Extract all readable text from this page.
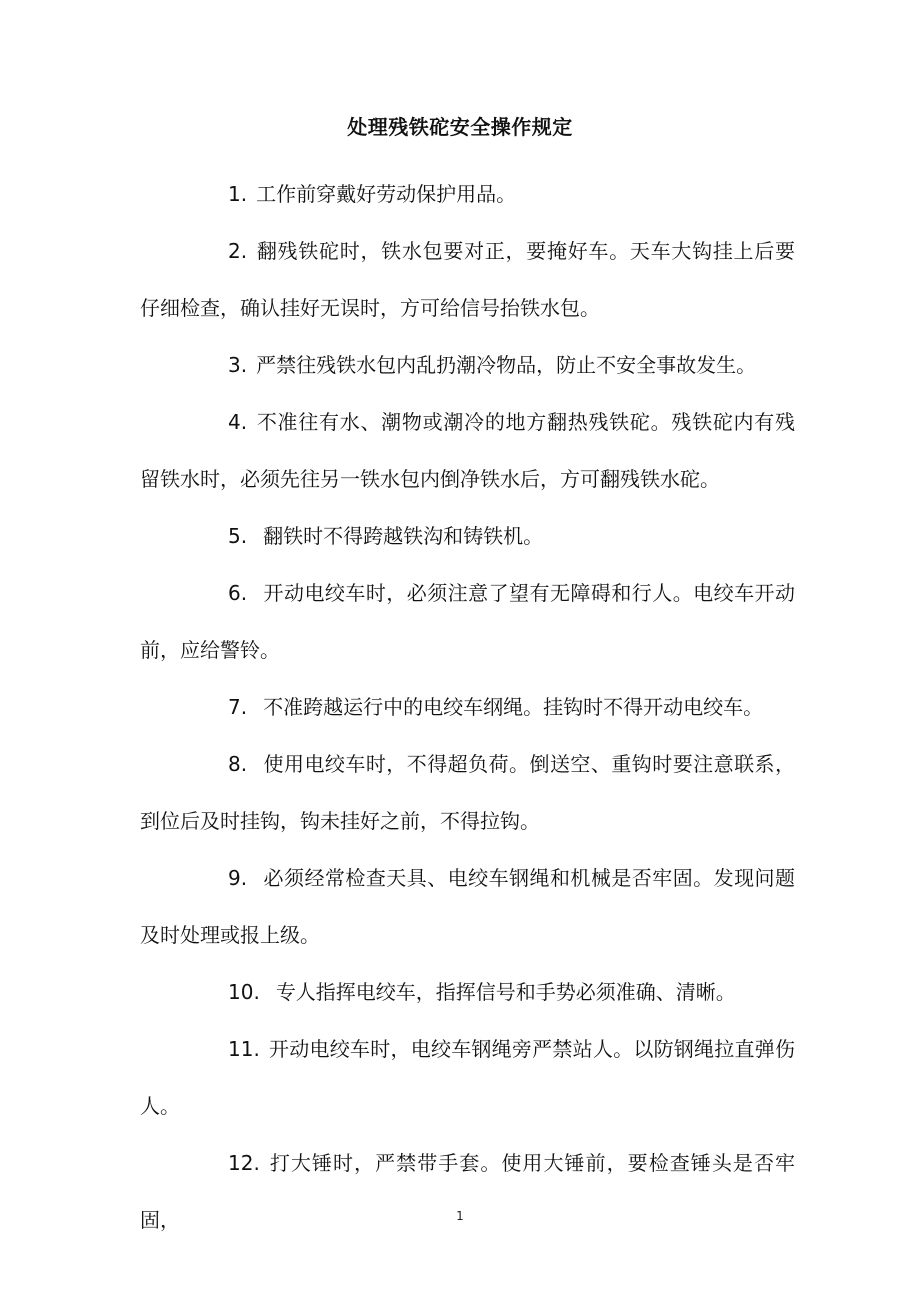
处理残铁砣安全操作规定

1. 工作前穿戴好劳动保护用品。

2. 翻残铁砣时，铁水包要对正，要掩好车。天车大钩挂上后要仔细检查，确认挂好无误时，方可给信号抬铁水包。

3. 严禁往残铁水包内乱扔潮冷物品，防止不安全事故发生。

4. 不准往有水、潮物或潮冷的地方翻热残铁砣。残铁砣内有残留铁水时，必须先往另一铁水包内倒净铁水后，方可翻残铁水砣。

5. 翻铁时不得跨越铁沟和铸铁机。

6. 开动电绞车时，必须注意了望有无障碍和行人。电绞车开动前，应给警铃。

7. 不准跨越运行中的电绞车纲绳。挂钩时不得开动电绞车。

8. 使用电绞车时，不得超负荷。倒送空、重钩时要注意联系，到位后及时挂钩，钩未挂好之前，不得拉钩。

9. 必须经常检查天具、电绞车钢绳和机械是否牢固。发现问题及时处理或报上级。

10. 专人指挥电绞车，指挥信号和手势必须准确、清晰。

11. 开动电绞车时，电绞车钢绳旁严禁站人。以防钢绳拉直弹伤人。

12. 打大锤时，严禁带手套。使用大锤前，要检查锤头是否牢固，	1
